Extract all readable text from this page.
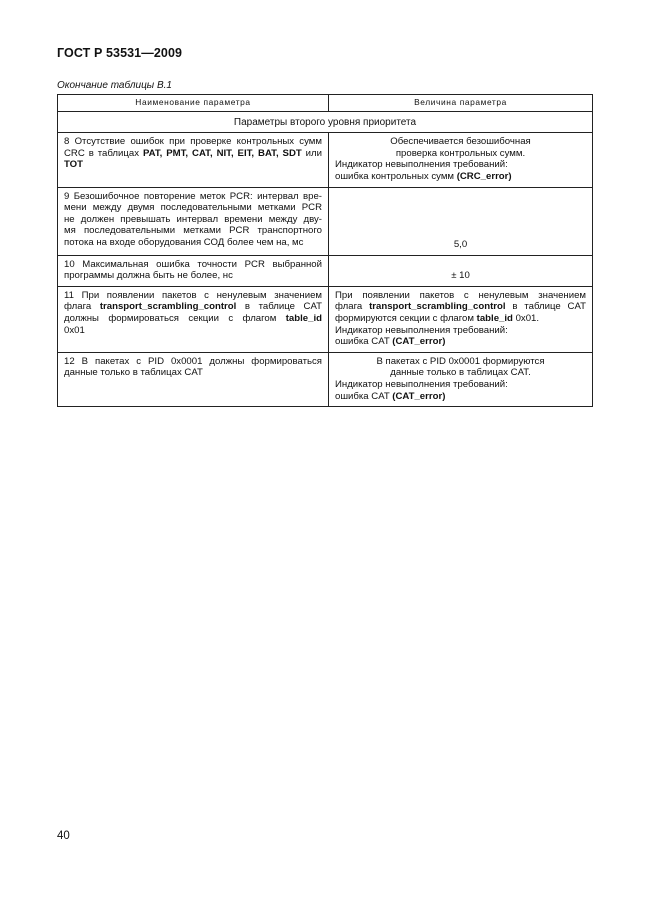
ГОСТ Р 53531—2009
Окончание таблицы В.1
Наименование параметра	Величина параметра
Параметры второго уровня приоритета	

8 Отсутствие ошибок при проверке контрольных сумм
CRC в таблицах PAT, PMT, CAT, NIT, EIT, BAT, SDT или
TOT	Обеспечивается безошибочная
проверка контрольных сумм.
Индикатор невыполнения требований:
ошибка контрольных сумм (CRC_error)

9 Безошибочное повторение меток PCR: интервал вре-
мени между двумя последовательными метками PCR
не должен превышать интервал времени между дву-
мя последовательными метками PCR транспортного
потока на входе оборудования СОД более чем на, мс	5,0

10 Максимальная ошибка точности PCR выбранной
программы должна быть не более, нс	± 10

11 При появлении пакетов с ненулевым значением
флага transport_scrambling_control в таблице CAT
должны формироваться секции с флагом table_id
0x01	При появлении пакетов с ненулевым значением
флага transport_scrambling_control в таблице CAT
формируются секции с флагом table_id 0x01.
Индикатор невыполнения требований:
ошибка CAT (CAT_error)

12 В пакетах с PID 0x0001 должны формироваться
данные только в таблицах CAT	В пакетах с PID 0x0001 формируются
данные только в таблицах CAT.
Индикатор невыполнения требований:
ошибка CAT (CAT_error)
40
